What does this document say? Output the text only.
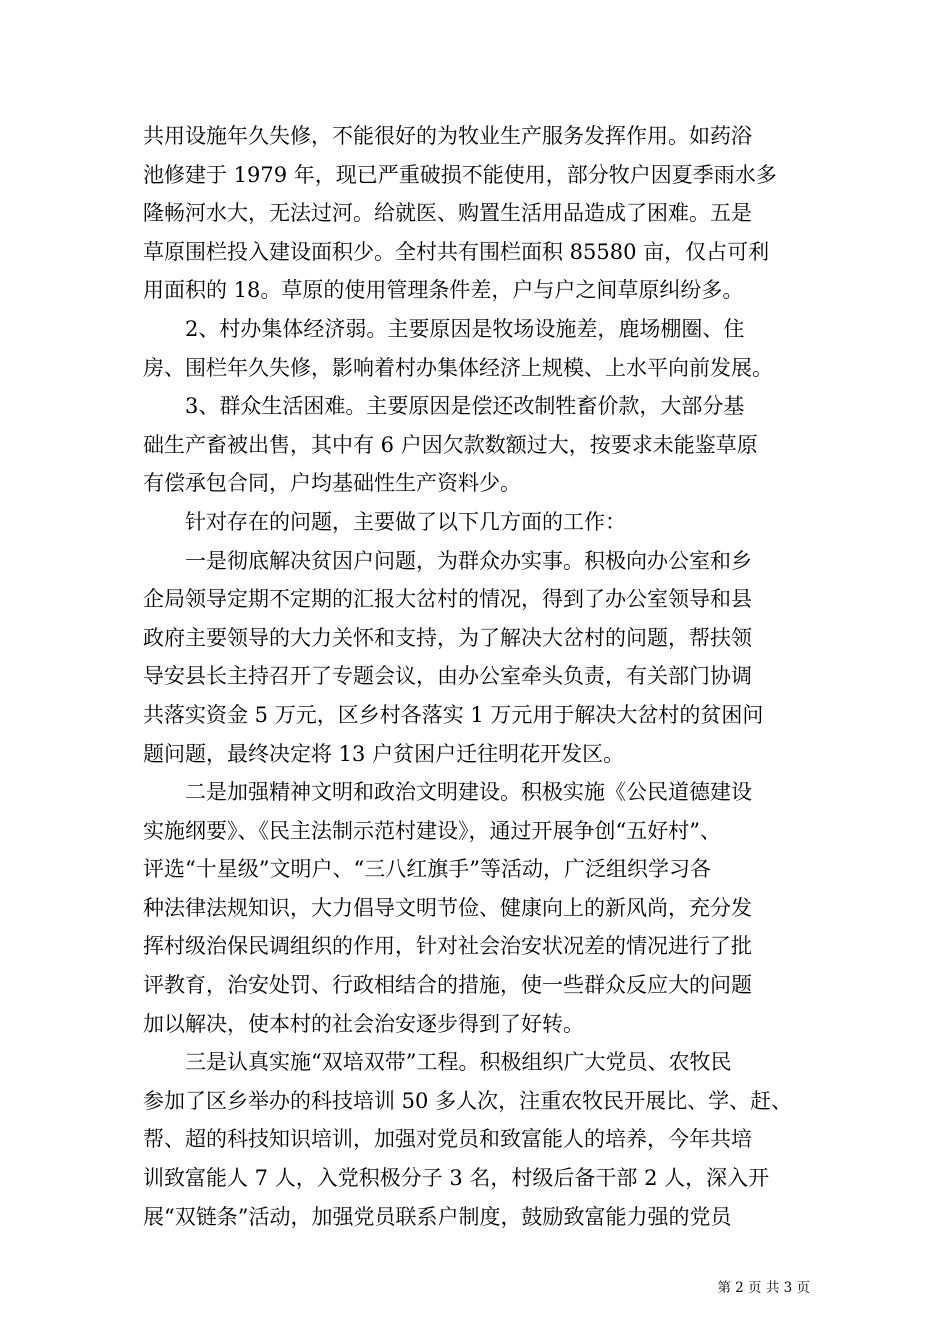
共用设施年久失修，不能很好的为牧业生产服务发挥作用。如药浴
池修建于 1979 年，现已严重破损不能使用，部分牧户因夏季雨水多
隆畅河水大，无法过河。给就医、购置生活用品造成了困难。五是
草原围栏投入建设面积少。全村共有围栏面积 85580 亩，仅占可利
用面积的 18。草原的使用管理条件差，户与户之间草原纠纷多。
　　2、村办集体经济弱。主要原因是牧场设施差，鹿场棚圈、住
房、围栏年久失修，影响着村办集体经济上规模、上水平向前发展。
　　3、群众生活困难。主要原因是偿还改制牲畜价款，大部分基
础生产畜被出售，其中有 6 户因欠款数额过大，按要求未能鉴草原
有偿承包合同，户均基础性生产资料少。
　　针对存在的问题，主要做了以下几方面的工作：
　　一是彻底解决贫因户问题，为群众办实事。积极向办公室和乡
企局领导定期不定期的汇报大岔村的情况，得到了办公室领导和县
政府主要领导的大力关怀和支持，为了解决大岔村的问题，帮扶领
导安县长主持召开了专题会议，由办公室牵头负责，有关部门协调
共落实资金 5 万元，区乡村各落实 1 万元用于解决大岔村的贫困问
题问题，最终决定将 13 户贫困户迁往明花开发区。
　　二是加强精神文明和政治文明建设。积极实施《公民道德建设
实施纲要》、《民主法制示范村建设》，通过开展争创“五好村”、
评选“十星级”文明户、“三八红旗手”等活动，广泛组织学习各
种法律法规知识，大力倡导文明节俭、健康向上的新风尚，充分发
挥村级治保民调组织的作用，针对社会治安状况差的情况进行了批
评教育，治安处罚、行政相结合的措施，使一些群众反应大的问题
加以解决，使本村的社会治安逐步得到了好转。
　　三是认真实施“双培双带”工程。积极组织广大党员、农牧民
参加了区乡举办的科技培训 50 多人次，注重农牧民开展比、学、赶、
帮、超的科技知识培训，加强对党员和致富能人的培养，今年共培
训致富能人 7 人，入党积极分子 3 名，村级后备干部 2 人，深入开
展“双链条”活动，加强党员联系户制度，鼓励致富能力强的党员
第 2 页 共 3 页
